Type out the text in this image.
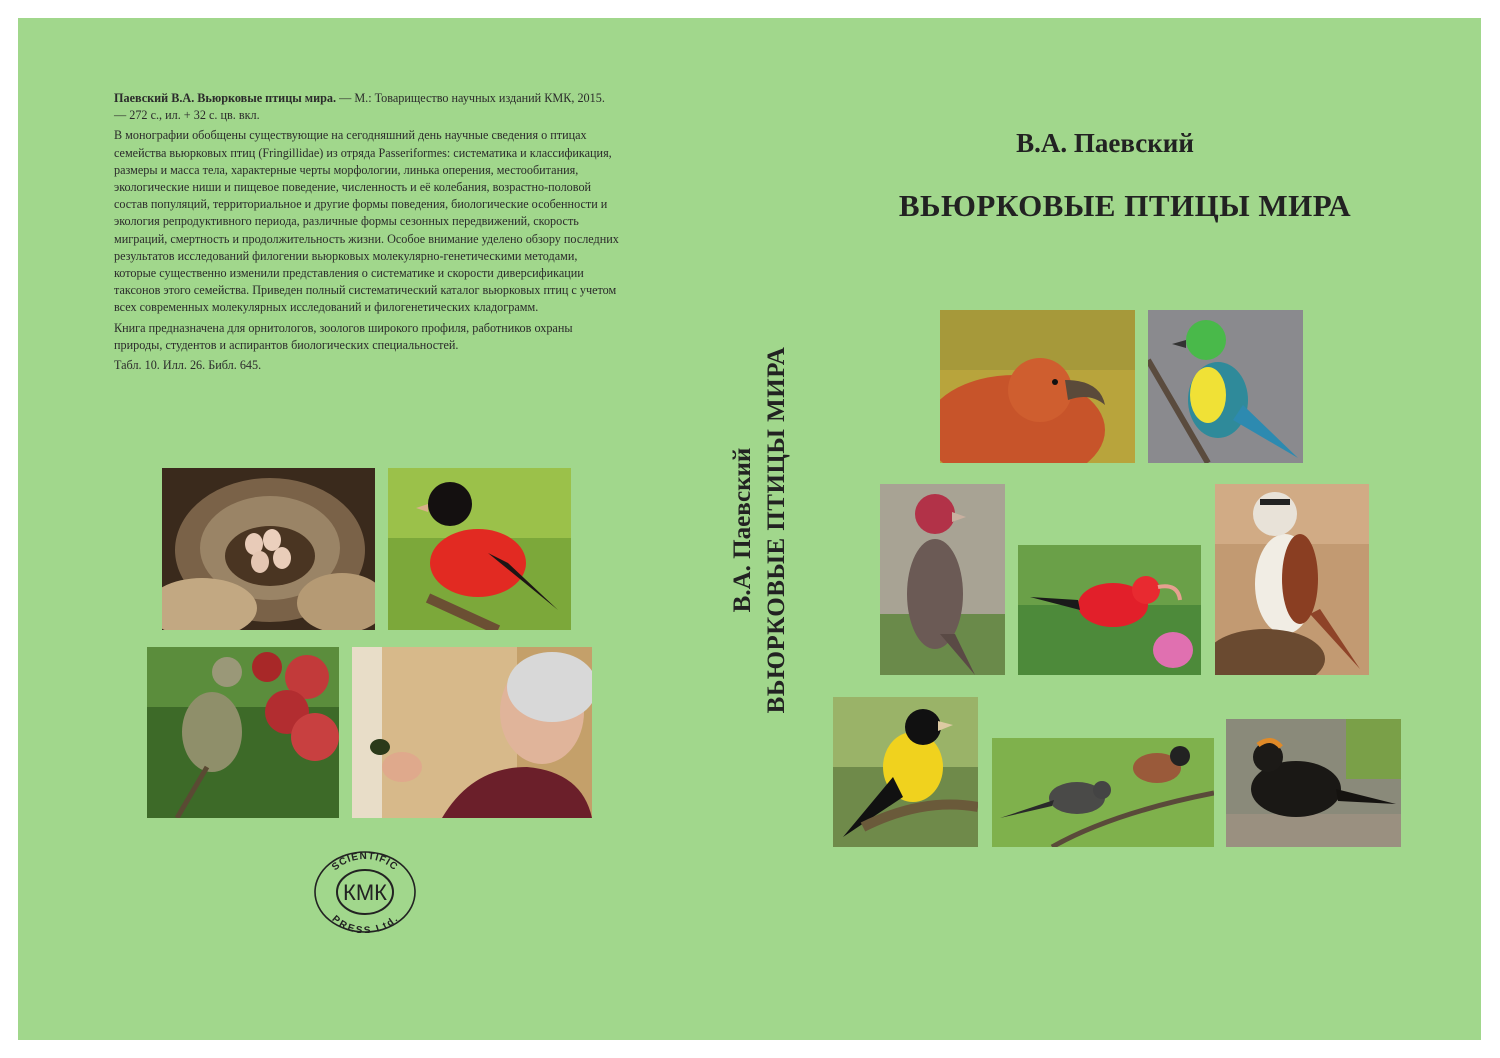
Паевский В.А. Вьюрковые птицы мира. — М.: Товарищество научных изданий КМК, 2015. — 272 с., ил. + 32 с. цв. вкл.

В монографии обобщены существующие на сегодняшний день научные сведения о птицах семейства вьюрковых птиц (Fringillidae) из отряда Passeriformes: систематика и классификация, размеры и масса тела, характерные черты морфологии, линька оперения, местообитания, экологические ниши и пищевое поведение, численность и её колебания, возрастно-половой состав популяций, территориальное и другие формы поведения, биологические особенности и экология репродуктивного периода, различные формы сезонных передвижений, скорость миграций, смертность и продолжительность жизни. Особое внимание уделено обзору последних результатов исследований филогении вьюрковых молекулярно-генетическими методами, которые существенно изменили представления о систематике и скорости диверсификации таксонов этого семейства. Приведен полный систематический каталог вьюрковых птиц с учетом всех современных молекулярных исследований и филогенетических кладограмм.

Книга предназначена для орнитологов, зоологов широкого профиля, работников охраны природы, студентов и аспирантов биологических специальностей.

Табл. 10. Илл. 26. Библ. 645.

SCIENTIFIC
PRESS Ltd.
КМК
В.А. Паевский ВЬЮРКОВЫЕ ПТИЦЫ МИРА
В.А. Паевский
ВЬЮРКОВЫЕ ПТИЦЫ МИРА
